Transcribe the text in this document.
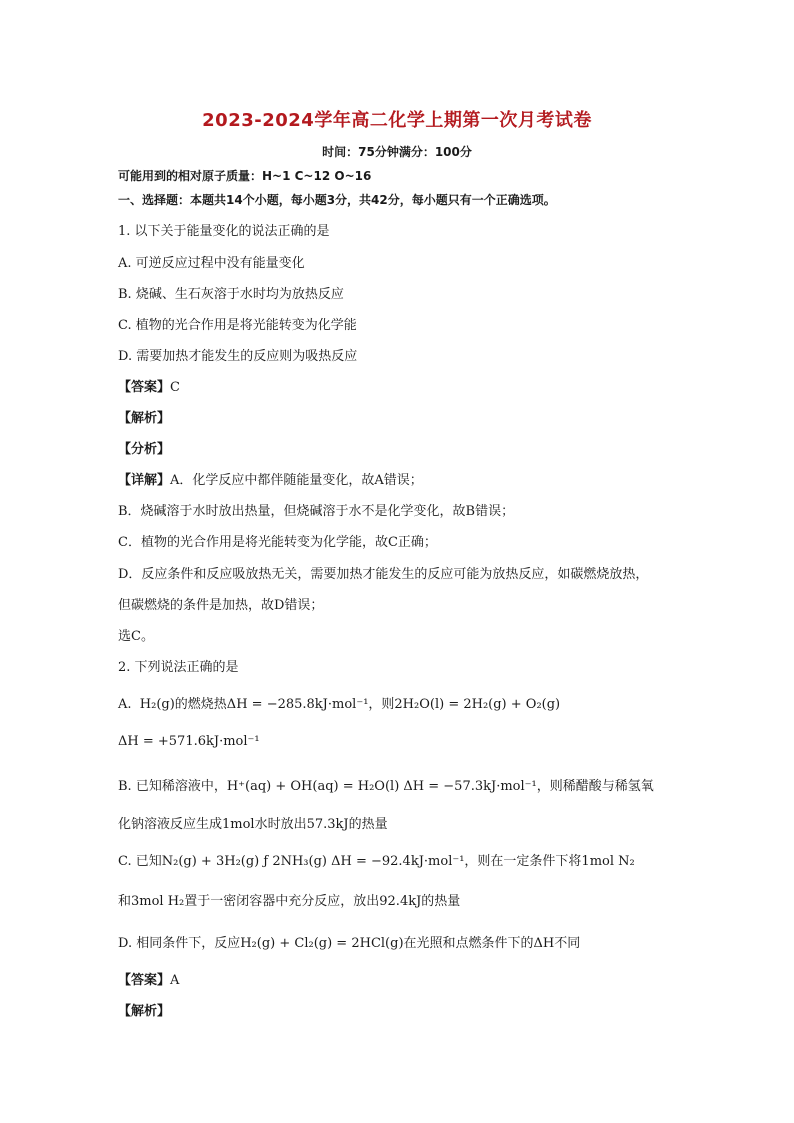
2023-2024学年高二化学上期第一次月考试卷
时间：75分钟满分：100分
可能用到的相对原子质量：H~1 C~12 O~16
一、选择题：本题共14个小题，每小题3分，共42分，每小题只有一个正确选项。
1. 以下关于能量变化的说法正确的是
A. 可逆反应过程中没有能量变化
B. 烧碱、生石灰溶于水时均为放热反应
C. 植物的光合作用是将光能转变为化学能
D. 需要加热才能发生的反应则为吸热反应
【答案】C
【解析】
【分析】
【详解】A．化学反应中都伴随能量变化，故A错误；
B．烧碱溶于水时放出热量，但烧碱溶于水不是化学变化，故B错误；
C．植物的光合作用是将光能转变为化学能，故C正确；
D．反应条件和反应吸放热无关，需要加热才能发生的反应可能为放热反应，如碳燃烧放热，
但碳燃烧的条件是加热，故D错误；
选C。
2. 下列说法正确的是
A. H₂(g)的燃烧热ΔH = −285.8kJ·mol⁻¹，则2H₂O(l) = 2H₂(g) + O₂(g)
ΔH = +571.6kJ·mol⁻¹
B. 已知稀溶液中，H⁺(aq) + OH(aq) = H₂O(l) ΔH = −57.3kJ·mol⁻¹，则稀醋酸与稀氢氧
化钠溶液反应生成1mol水时放出57.3kJ的热量
C. 已知N₂(g) + 3H₂(g) ƒ 2NH₃(g) ΔH = −92.4kJ·mol⁻¹，则在一定条件下将1mol N₂
和3mol H₂置于一密闭容器中充分反应，放出92.4kJ的热量
D. 相同条件下，反应H₂(g) + Cl₂(g) = 2HCl(g)在光照和点燃条件下的ΔH不同
【答案】A
【解析】
